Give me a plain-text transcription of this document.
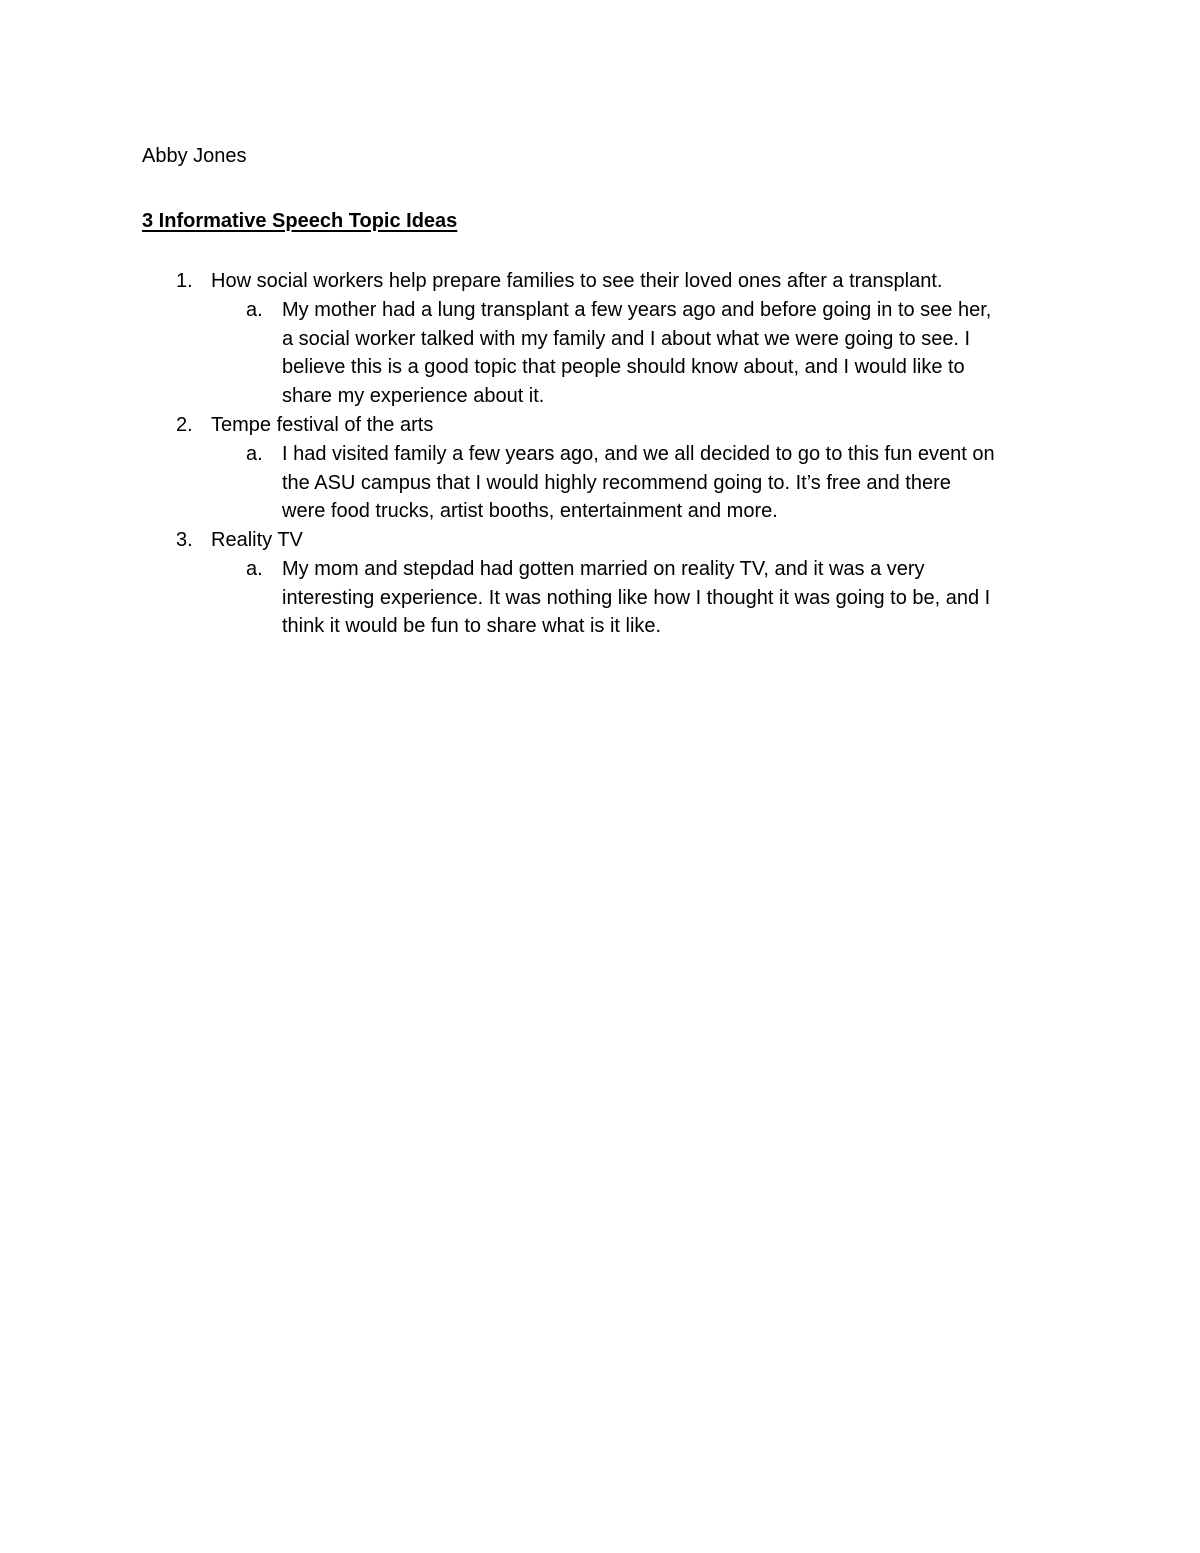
Abby Jones
3 Informative Speech Topic Ideas
1. How social workers help prepare families to see their loved ones after a transplant.
a. My mother had a lung transplant a few years ago and before going in to see her,
a social worker talked with my family and I about what we were going to see. I
believe this is a good topic that people should know about, and I would like to
share my experience about it.
2. Tempe festival of the arts
a. I had visited family a few years ago, and we all decided to go to this fun event on
the ASU campus that I would highly recommend going to. It’s free and there
were food trucks, artist booths, entertainment and more.
3. Reality TV
a. My mom and stepdad had gotten married on reality TV, and it was a very
interesting experience. It was nothing like how I thought it was going to be, and I
think it would be fun to share what is it like.
